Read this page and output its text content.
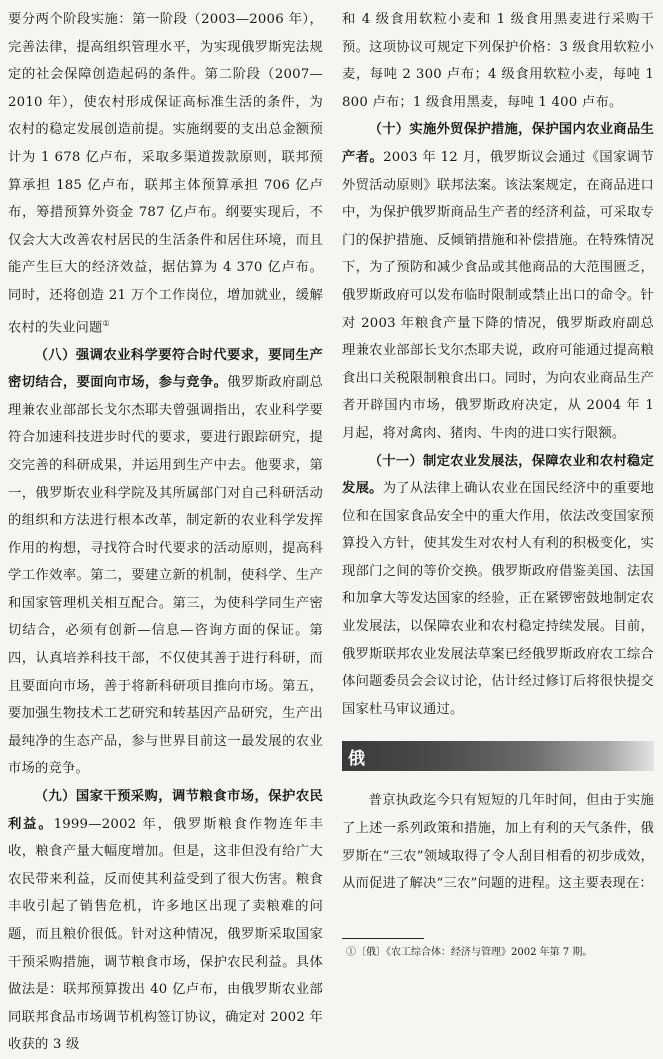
要分两个阶段实施：第一阶段（2003—2006 年），完善法律，提高组织管理水平，为实现俄罗斯宪法规定的社会保障创造起码的条件。第二阶段（2007—2010 年），使农村形成保证高标准生活的条件，为农村的稳定发展创造前提。实施纲要的支出总金额预计为 1 678 亿卢布，采取多渠道拨款原则，联邦预算承担 185 亿卢布，联邦主体预算承担 706 亿卢布，筹措预算外资金 787 亿卢布。纲要实现后，不仅会大大改善农村居民的生活条件和居住环境，而且能产生巨大的经济效益，据估算为 4 370 亿卢布。同时，还将创造 21 万个工作岗位，增加就业，缓解农村的失业问题①

（八）强调农业科学要符合时代要求，要同生产密切结合，要面向市场，参与竞争。俄罗斯政府副总理兼农业部部长戈尔杰耶夫曾强调指出，农业科学要符合加速科技进步时代的要求，要进行跟踪研究，提交完善的科研成果，并运用到生产中去。他要求，第一，俄罗斯农业科学院及其所属部门对自己科研活动的组织和方法进行根本改革，制定新的农业科学发挥作用的构想，寻找符合时代要求的活动原则，提高科学工作效率。第二，要建立新的机制，使科学、生产和国家管理机关相互配合。第三，为使科学同生产密切结合，必须有创新—信息—咨询方面的保证。第四，认真培养科技干部，不仅使其善于进行科研，而且要面向市场，善于将新科研项目推向市场。第五，要加强生物技术工艺研究和转基因产品研究，生产出最纯净的生态产品，参与世界目前这一最发展的农业市场的竞争。

（九）国家干预采购，调节粮食市场，保护农民利益。1999—2002 年，俄罗斯粮食作物连年丰收，粮食产量大幅度增加。但是，这非但没有给广大农民带来利益，反而使其利益受到了很大伤害。粮食丰收引起了销售危机，许多地区出现了卖粮难的问题，而且粮价很低。针对这种情况，俄罗斯采取国家干预采购措施，调节粮食市场，保护农民利益。具体做法是：联邦预算拨出 40 亿卢布，由俄罗斯农业部同联邦食品市场调节机构签订协议，确定对 2002 年收获的 3 级

和 4 级食用软粒小麦和 1 级食用黑麦进行采购干预。这项协议可规定下列保护价格：3 级食用软粒小麦，每吨 2 300 卢布；4 级食用软粒小麦，每吨 1 800 卢布；1 级食用黑麦，每吨 1 400 卢布。

（十）实施外贸保护措施，保护国内农业商品生产者。2003 年 12 月，俄罗斯议会通过《国家调节外贸活动原则》联邦法案。该法案规定，在商品进口中，为保护俄罗斯商品生产者的经济利益，可采取专门的保护措施、反倾销措施和补偿措施。在特殊情况下，为了预防和减少食品或其他商品的大范围匮乏，俄罗斯政府可以发布临时限制或禁止出口的命令。针对 2003 年粮食产量下降的情况，俄罗斯政府副总理兼农业部部长戈尔杰耶夫说，政府可能通过提高粮食出口关税限制粮食出口。同时，为向农业商品生产者开辟国内市场，俄罗斯政府决定，从 2004 年 1 月起，将对禽肉、猪肉、牛肉的进口实行限额。

（十一）制定农业发展法，保障农业和农村稳定发展。为了从法律上确认农业在国民经济中的重要地位和在国家食品安全中的重大作用，依法改变国家预算投入方针，使其发生对农村人有利的积极变化，实现部门之间的等价交换。俄罗斯政府借鉴美国、法国和加拿大等发达国家的经验，正在紧锣密鼓地制定农业发展法，以保障农业和农村稳定持续发展。目前，俄罗斯联邦农业发展法草案已经俄罗斯政府农工综合体问题委员会会议讨论，估计经过修订后将很快提交国家杜马审议通过。

俄

普京执政迄今只有短短的几年时间，但由于实施了上述一系列政策和措施，加上有利的天气条件，俄罗斯在“三农”领域取得了令人刮目相看的初步成效，从而促进了解决“三农”问题的进程。这主要表现在：

①〔俄〕《农工综合体：经济与管理》2002 年第 7 期。
